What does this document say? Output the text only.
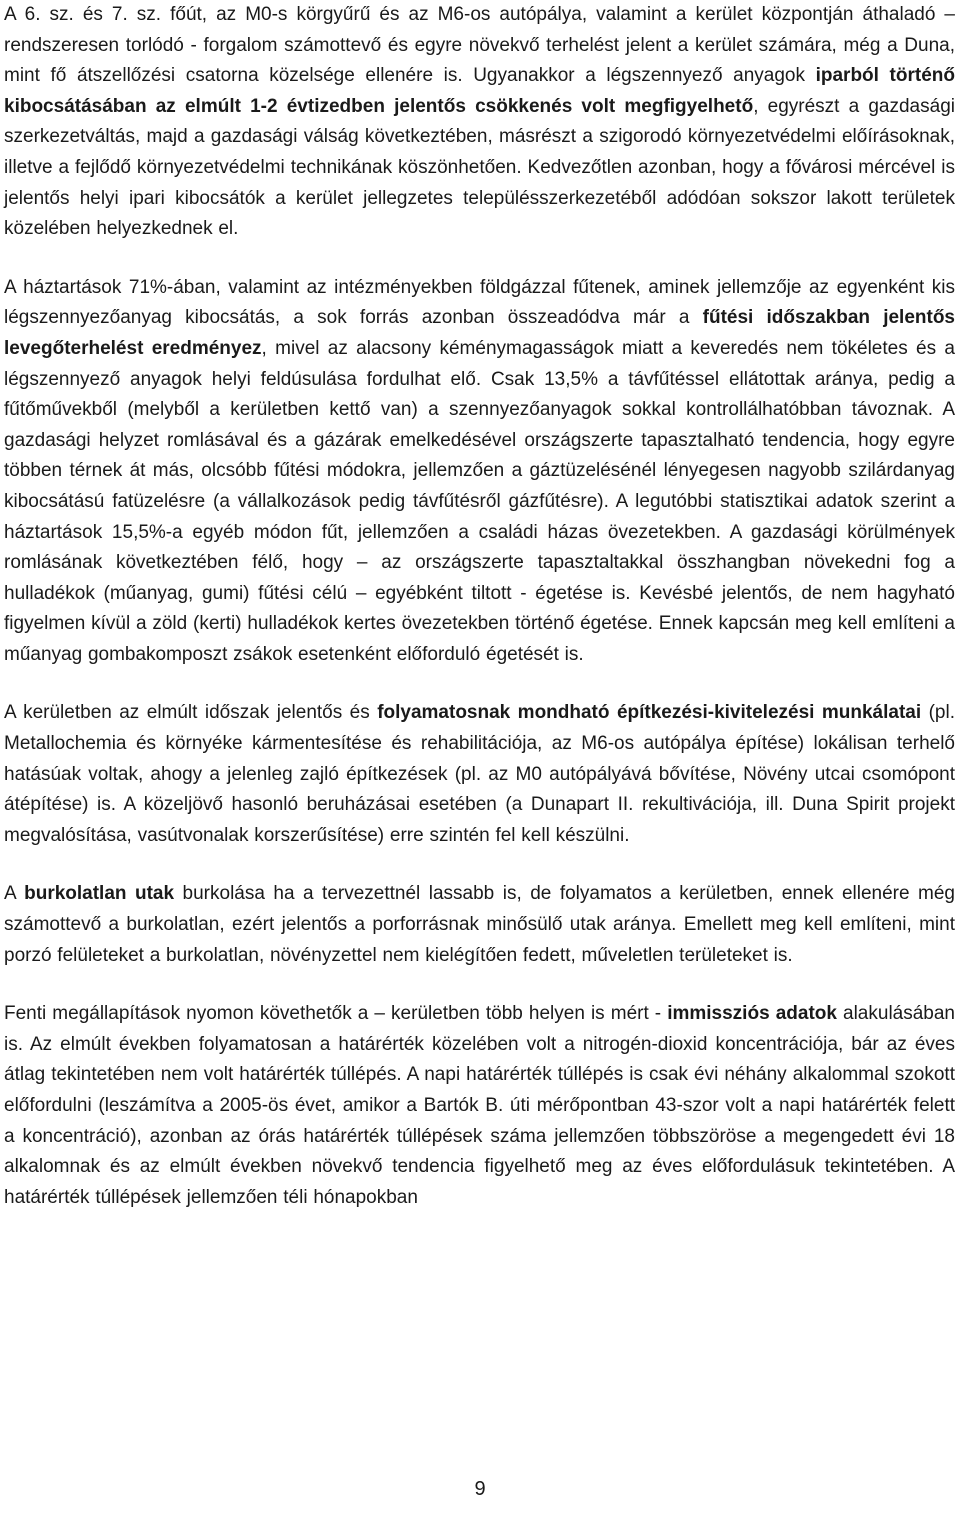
A 6. sz. és 7. sz. főút, az M0-s körgyűrű és az M6-os autópálya, valamint a kerület központján áthaladó – rendszeresen torlódó - forgalom számottevő és egyre növekvő terhelést jelent a kerület számára, még a Duna, mint fő átszellőzési csatorna közelsége ellenére is. Ugyanakkor a légszennyező anyagok iparból történő kibocsátásában az elmúlt 1-2 évtizedben jelentős csökkenés volt megfigyelhető, egyrészt a gazdasági szerkezetváltás, majd a gazdasági válság következtében, másrészt a szigorodó környezetvédelmi előírásoknak, illetve a fejlődő környezetvédelmi technikának köszönhetően. Kedvezőtlen azonban, hogy a fővárosi mércével is jelentős helyi ipari kibocsátók a kerület jellegzetes településszerkezetéből adódóan sokszor lakott területek közelében helyezkednek el.

A háztartások 71%-ában, valamint az intézményekben földgázzal fűtenek, aminek jellemzője az egyenként kis légszennyezőanyag kibocsátás, a sok forrás azonban összeadódva már a fűtési időszakban jelentős levegőterhelést eredményez, mivel az alacsony kéménymagasságok miatt a keveredés nem tökéletes és a légszennyező anyagok helyi feldúsulása fordulhat elő. Csak 13,5% a távfűtéssel ellátottak aránya, pedig a fűtőművekből (melyből a kerületben kettő van) a szennyezőanyagok sokkal kontrollálhatóbban távoznak. A gazdasági helyzet romlásával és a gázárak emelkedésével országszerte tapasztalható tendencia, hogy egyre többen térnek át más, olcsóbb fűtési módokra, jellemzően a gáztüzelésénél lényegesen nagyobb szilárdanyag kibocsátású fatüzelésre (a vállalkozások pedig távfűtésről gázfűtésre). A legutóbbi statisztikai adatok szerint a háztartások 15,5%-a egyéb módon fűt, jellemzően a családi házas övezetekben. A gazdasági körülmények romlásának következtében félő, hogy – az országszerte tapasztaltakkal összhangban növekedni fog a hulladékok (műanyag, gumi) fűtési célú – egyébként tiltott - égetése is. Kevésbé jelentős, de nem hagyható figyelmen kívül a zöld (kerti) hulladékok kertes övezetekben történő égetése. Ennek kapcsán meg kell említeni a műanyag gombakomposzt zsákok esetenként előforduló égetését is.

A kerületben az elmúlt időszak jelentős és folyamatosnak mondható építkezési-kivitelezési munkálatai (pl. Metallochemia és környéke kármentesítése és rehabilitációja, az M6-os autópálya építése) lokálisan terhelő hatásúak voltak, ahogy a jelenleg zajló építkezések (pl. az M0 autópályává bővítése, Növény utcai csomópont átépítése) is. A közeljövő hasonló beruházásai esetében (a Dunapart II. rekultivációja, ill. Duna Spirit projekt megvalósítása, vasútvonalak korszerűsítése) erre szintén fel kell készülni.

A burkolatlan utak burkolása ha a tervezettnél lassabb is, de folyamatos a kerületben, ennek ellenére még számottevő a burkolatlan, ezért jelentős a porforrásnak minősülő utak aránya. Emellett meg kell említeni, mint porzó felületeket a burkolatlan, növényzettel nem kielégítően fedett, műveletlen területeket is.

Fenti megállapítások nyomon követhetők a – kerületben több helyen is mért - immissziós adatok alakulásában is. Az elmúlt években folyamatosan a határérték közelében volt a nitrogén-dioxid koncentrációja, bár az éves átlag tekintetében nem volt határérték túllépés. A napi határérték túllépés is csak évi néhány alkalommal szokott előfordulni (leszámítva a 2005-ös évet, amikor a Bartók B. úti mérőpontban 43-szor volt a napi határérték felett a koncentráció), azonban az órás határérték túllépések száma jellemzően többszöröse a megengedett évi 18 alkalomnak és az elmúlt években növekvő tendencia figyelhető meg az éves előfordulásuk tekintetében. A határérték túllépések jellemzően téli hónapokban

9
